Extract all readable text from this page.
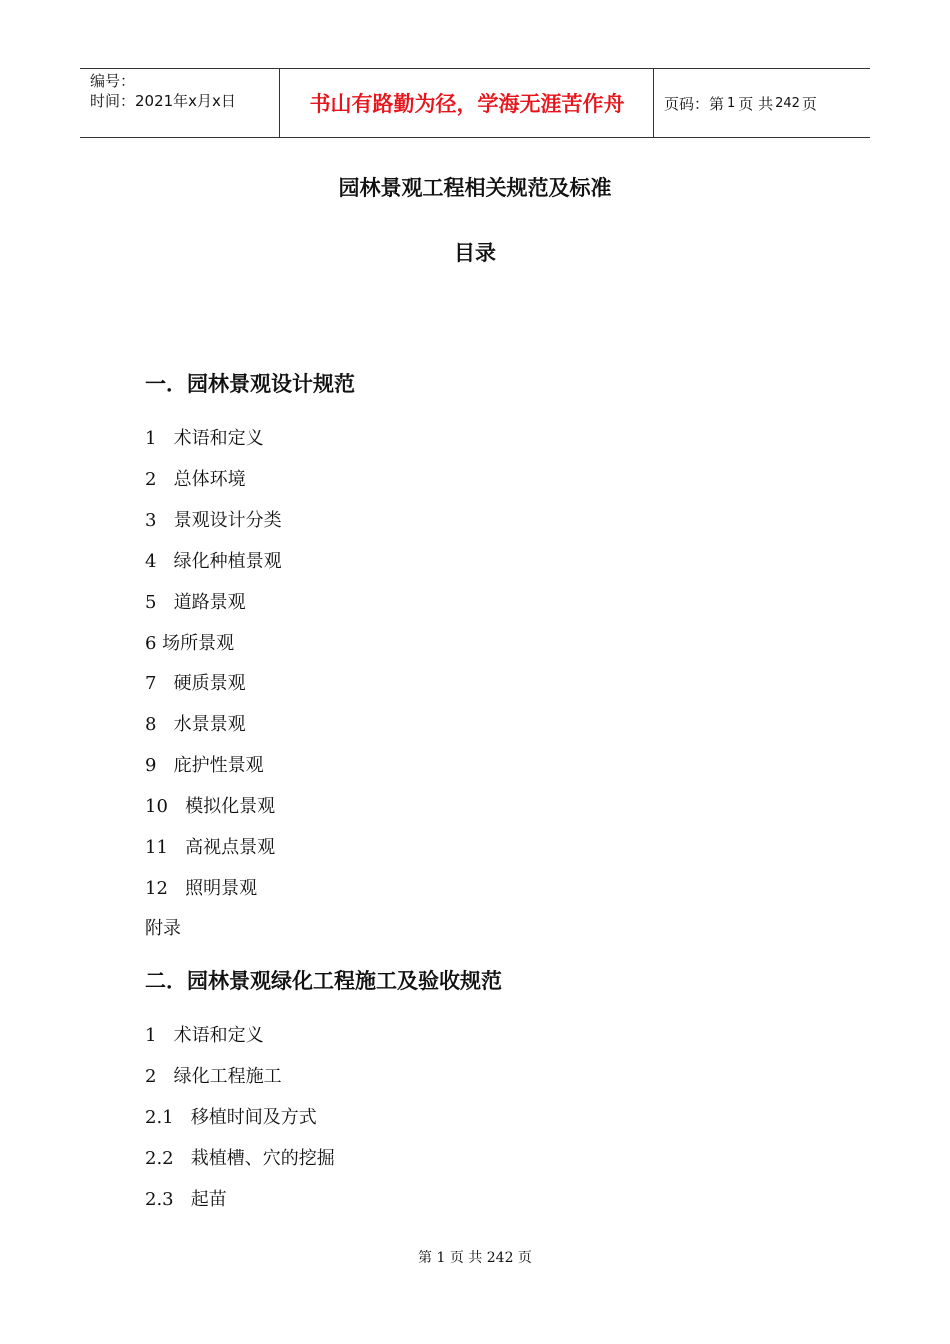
编号：
时间：2021年x月x日	书山有路勤为径，学海无涯苦作舟	页码：第 1 页 共 242 页
园林景观工程相关规范及标准
目录
一．园林景观设计规范
1   术语和定义
2   总体环境
3   景观设计分类
4   绿化种植景观
5   道路景观
6 场所景观
7   硬质景观
8   水景景观
9   庇护性景观
10   模拟化景观
11   高视点景观
12   照明景观
附录
二．园林景观绿化工程施工及验收规范
1   术语和定义
2   绿化工程施工
2.1   移植时间及方式
2.2   栽植槽、穴的挖掘
2.3   起苗
第 1 页 共 242 页
